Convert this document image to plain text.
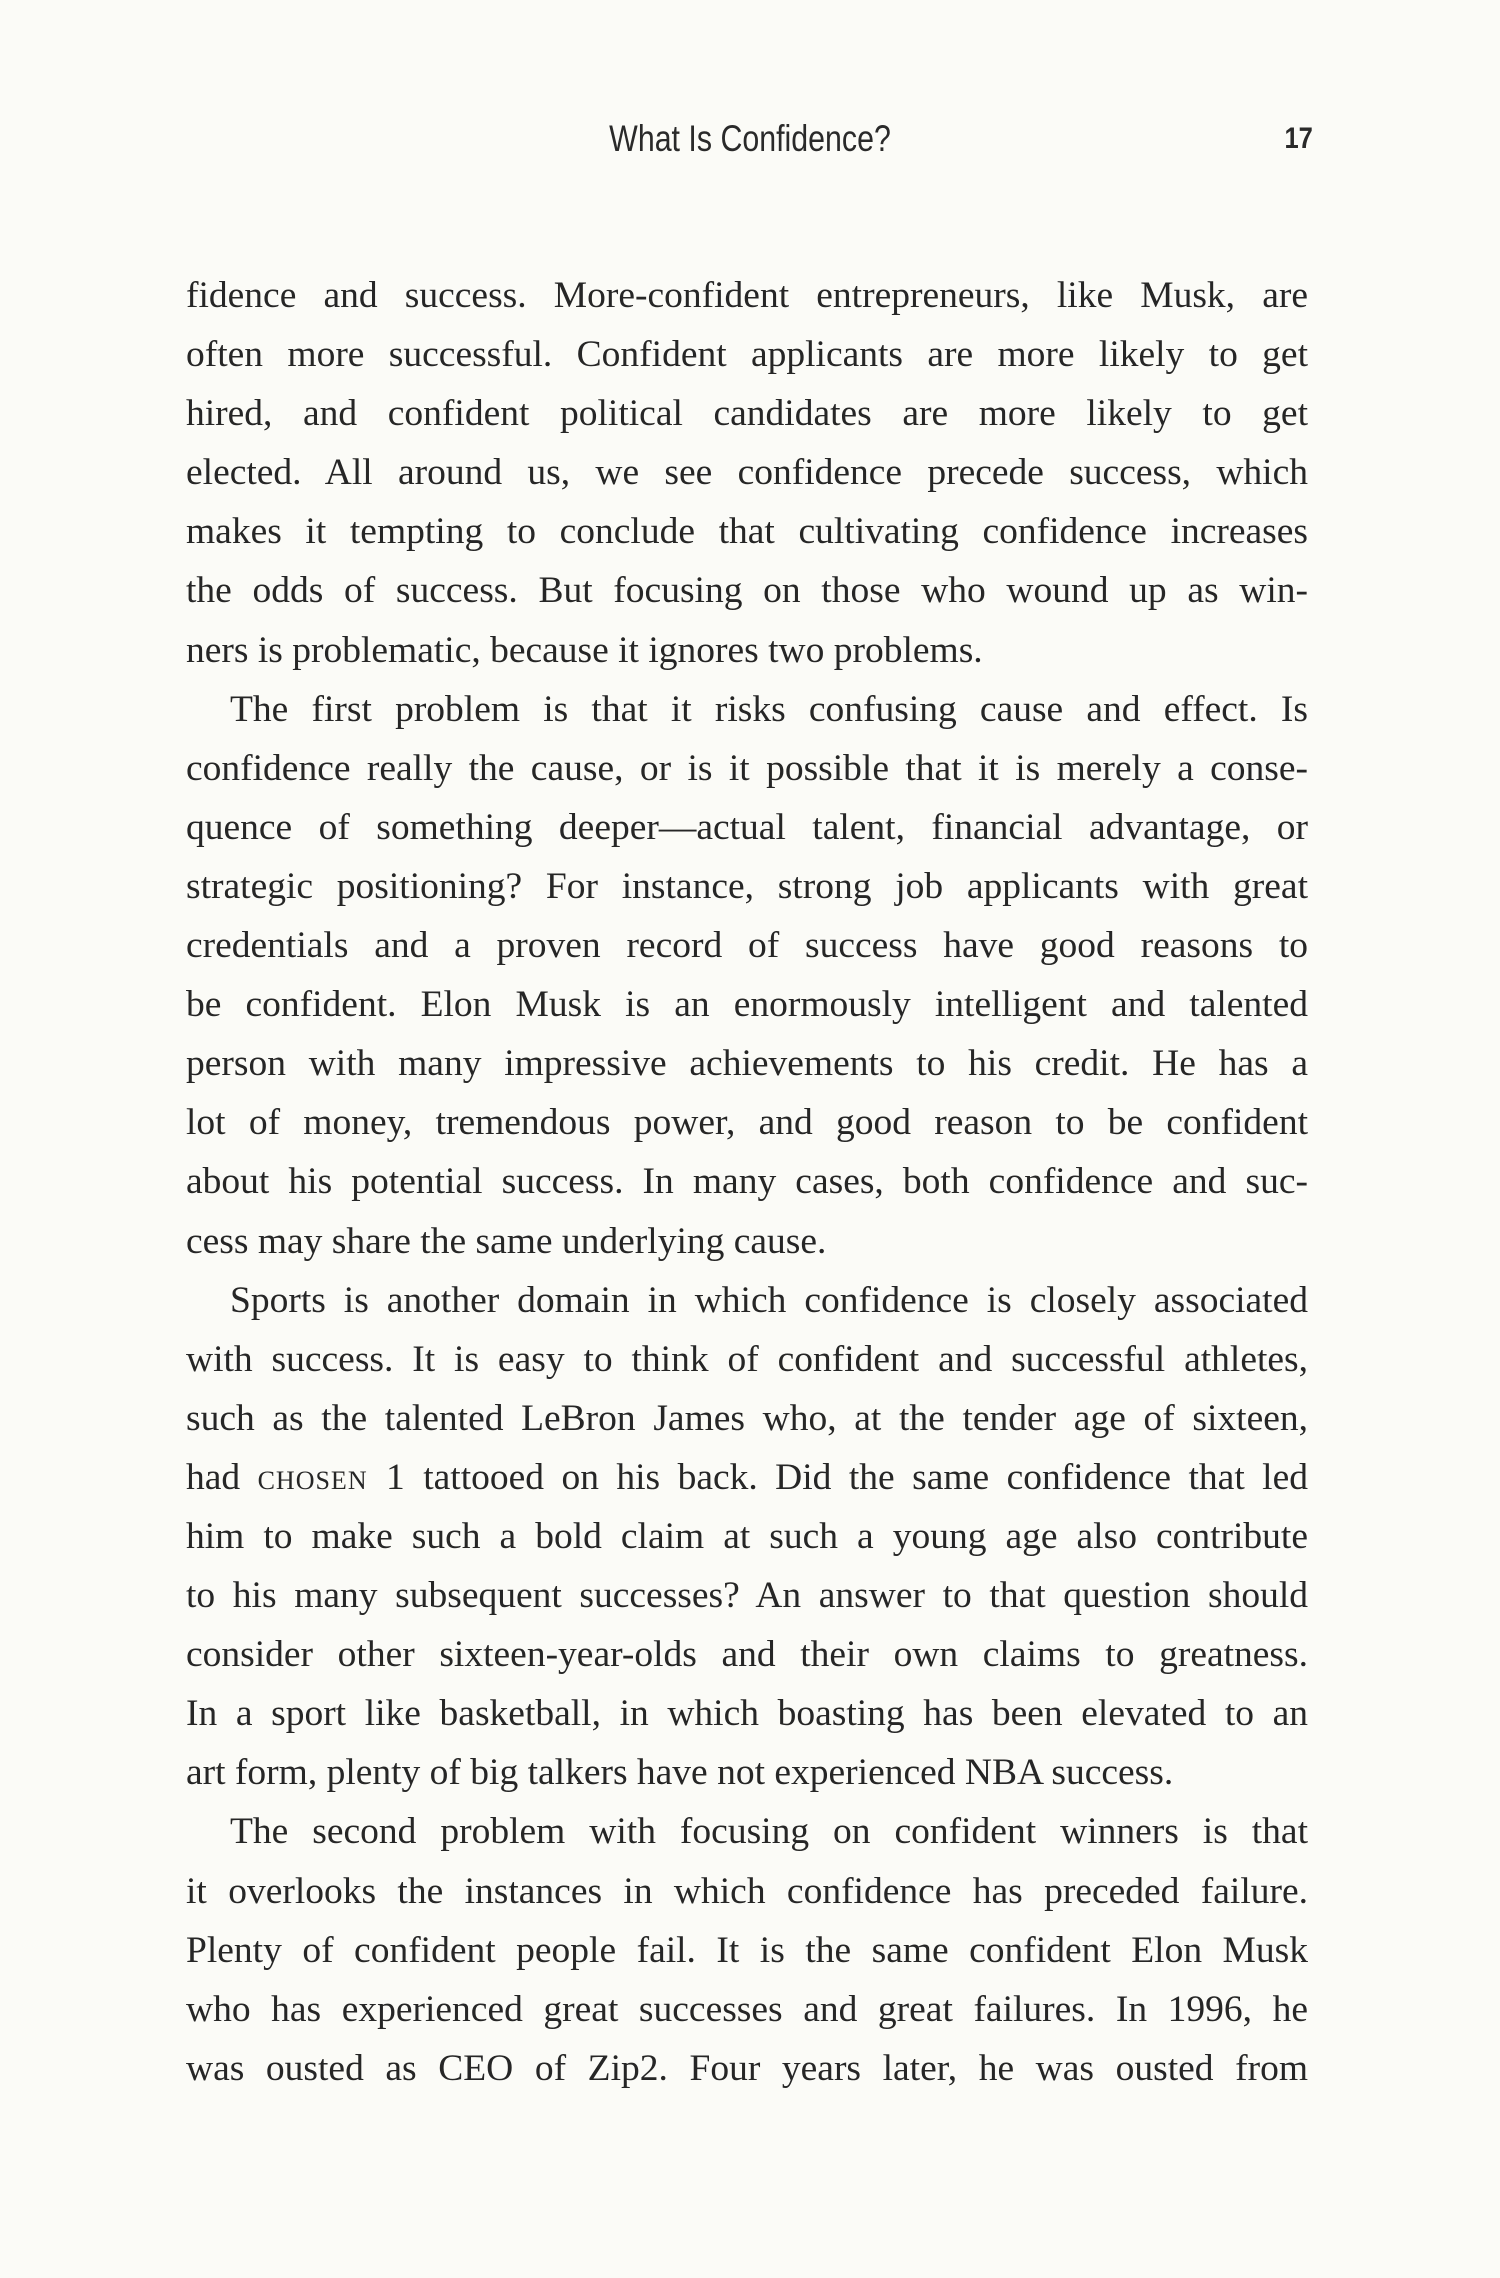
What Is Confidence?	17
fidence and success. More-confident entrepreneurs, like Musk, are
often more successful. Confident applicants are more likely to get
hired, and confident political candidates are more likely to get
elected. All around us, we see confidence precede success, which
makes it tempting to conclude that cultivating confidence increases
the odds of success. But focusing on those who wound up as win-
ners is problematic, because it ignores two problems.
The first problem is that it risks confusing cause and effect. Is
confidence really the cause, or is it possible that it is merely a conse-
quence of something deeper—actual talent, financial advantage, or
strategic positioning? For instance, strong job applicants with great
credentials and a proven record of success have good reasons to
be confident. Elon Musk is an enormously intelligent and talented
person with many impressive achievements to his credit. He has a
lot of money, tremendous power, and good reason to be confident
about his potential success. In many cases, both confidence and suc-
cess may share the same underlying cause.
Sports is another domain in which confidence is closely associated
with success. It is easy to think of confident and successful athletes,
such as the talented LeBron James who, at the tender age of sixteen,
had chosen 1 tattooed on his back. Did the same confidence that led
him to make such a bold claim at such a young age also contribute
to his many subsequent successes? An answer to that question should
consider other sixteen-year-olds and their own claims to greatness.
In a sport like basketball, in which boasting has been elevated to an
art form, plenty of big talkers have not experienced NBA success.
The second problem with focusing on confident winners is that
it overlooks the instances in which confidence has preceded failure.
Plenty of confident people fail. It is the same confident Elon Musk
who has experienced great successes and great failures. In 1996, he
was ousted as CEO of Zip2. Four years later, he was ousted from
